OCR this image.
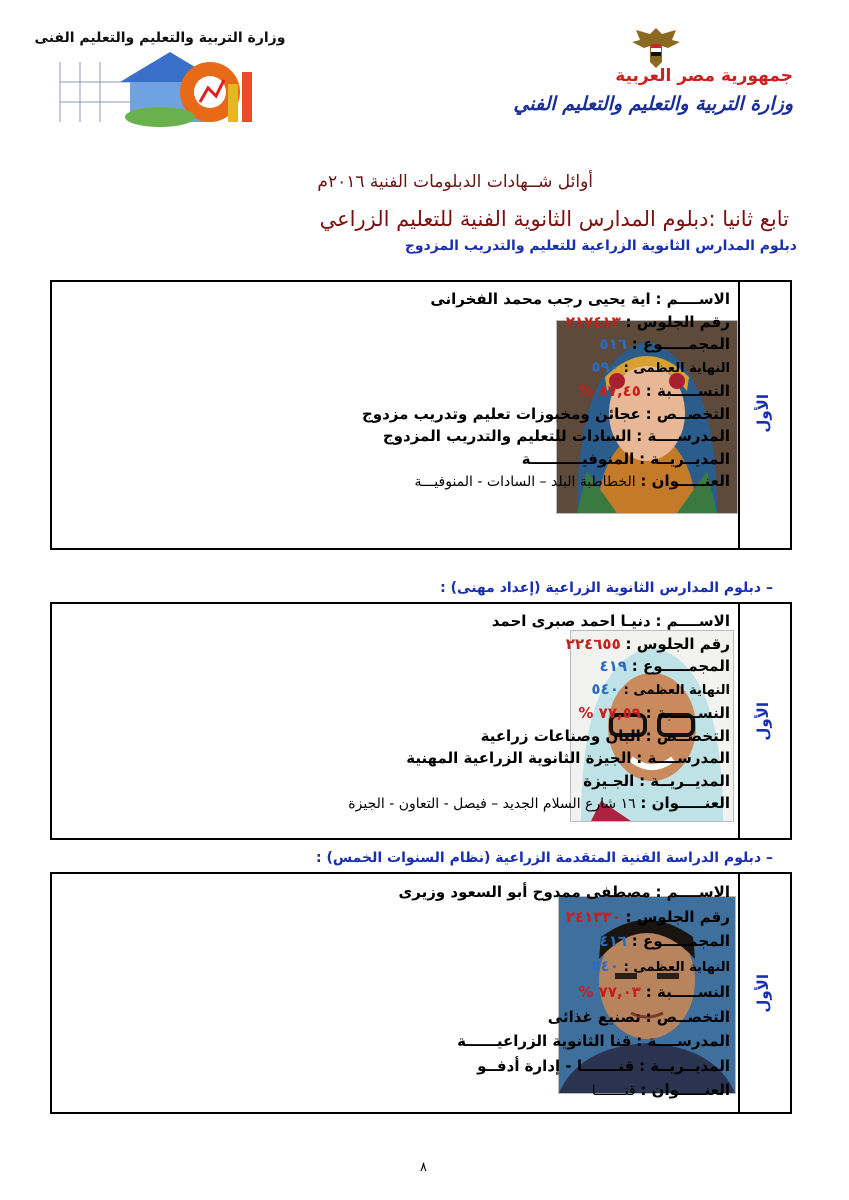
وزارة التربية والتعليم والتعليم الفنى
جمهورية مصر العربية
وزارة التربية والتعليم والتعليم الفني
أوائل شــهادات الدبلومات الفنية ٢٠١٦م
تابع ثانيا :دبلوم المدارس الثانوية الفنية للتعليم الزراعي
دبلوم المدارس الثانوية الزراعية للتعليم والتدريب المزدوج
الأول
الاســــم : اية يحيى رجب محمد الفخرانى
رقم الجلوس : ٢١٧٤١٣
المجمـــــوع : ٥١٦
النهاية العظمى : ٥٩٠
النســـــبة : ٨٧,٤٥ %
التخصــص : عجائن ومخبوزات تعليم وتدريب مزدوج
المدرســــة : السادات للتعليم والتدريب المزدوج
المديــريــة : المنوفيــــــــــة
العنـــــوان : الخطاطبة البلد – السادات - المنوفيـــة
– دبلوم المدارس الثانوية الزراعية (إعداد مهنى) :
الأول
الاســــم : دنيـا احمد صبرى احمد
رقم الجلوس : ٢٢٤٦٥٥
المجمـــــوع : ٤١٩
النهاية العظمى : ٥٤٠
النســـــبة : ٧٧,٥٩ %
التخصــص : البان وصناعات زراعية
المدرســــة : الجيزة الثانوية الزراعية المهنية
المديــريــة : الجـيزة
العنـــــوان : ١٦ شارع السلام الجديد – فيصل - التعاون - الجيزة
– دبلوم الدراسة الفنية المتقدمة الزراعية (نظام السنوات الخمس) :
الأول
الاســــم : مصطفى ممدوح أبو السعود وزيرى
رقم الجلوس : ٢٤١٣٣٠
المجمـــــوع : ٤١٦
النهاية العظمى : ٥٤٠
النســـــبة : ٧٧,٠٣ %
التخصــص : تصنيع غذائى
المدرســــة : قنا الثانوية الزراعيــــــة
المديــريــة : قنـــــــا - إدارة أدفــو
العنـــــوان : قنـــــــا
٨
